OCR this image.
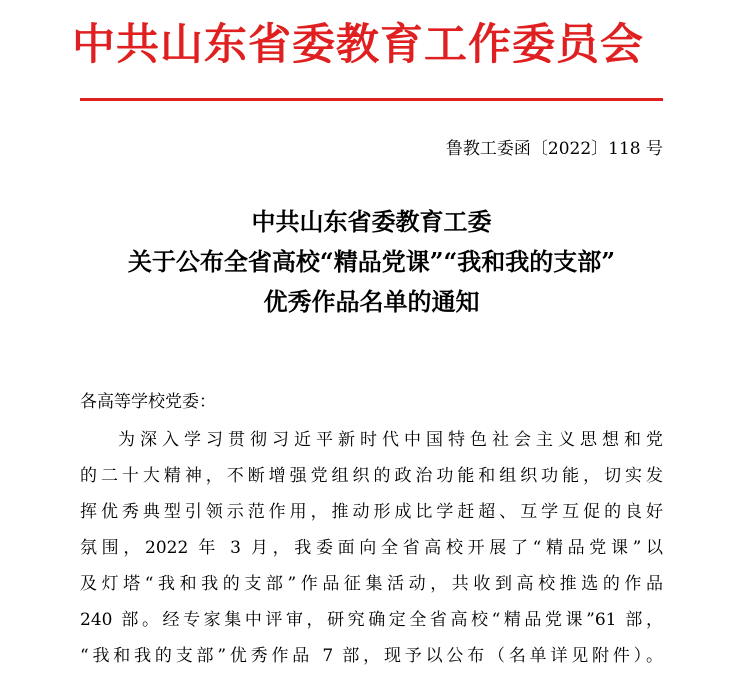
中共山东省委教育工作委员会
鲁教工委函〔2022〕118 号
中共山东省委教育工委
关于公布全省高校“精品党课”“我和我的支部”
优秀作品名单的通知
各高等学校党委：
为深入学习贯彻习近平新时代中国特色社会主义思想和党
的二十大精神，不断增强党组织的政治功能和组织功能，切实发
挥优秀典型引领示范作用，推动形成比学赶超、互学互促的良好
氛围，2022 年 3 月，我委面向全省高校开展了“精品党课”以
及灯塔“我和我的支部”作品征集活动，共收到高校推选的作品
240 部。经专家集中评审，研究确定全省高校“精品党课”61 部，
“我和我的支部”优秀作品 7 部，现予以公布（名单详见附件）。
